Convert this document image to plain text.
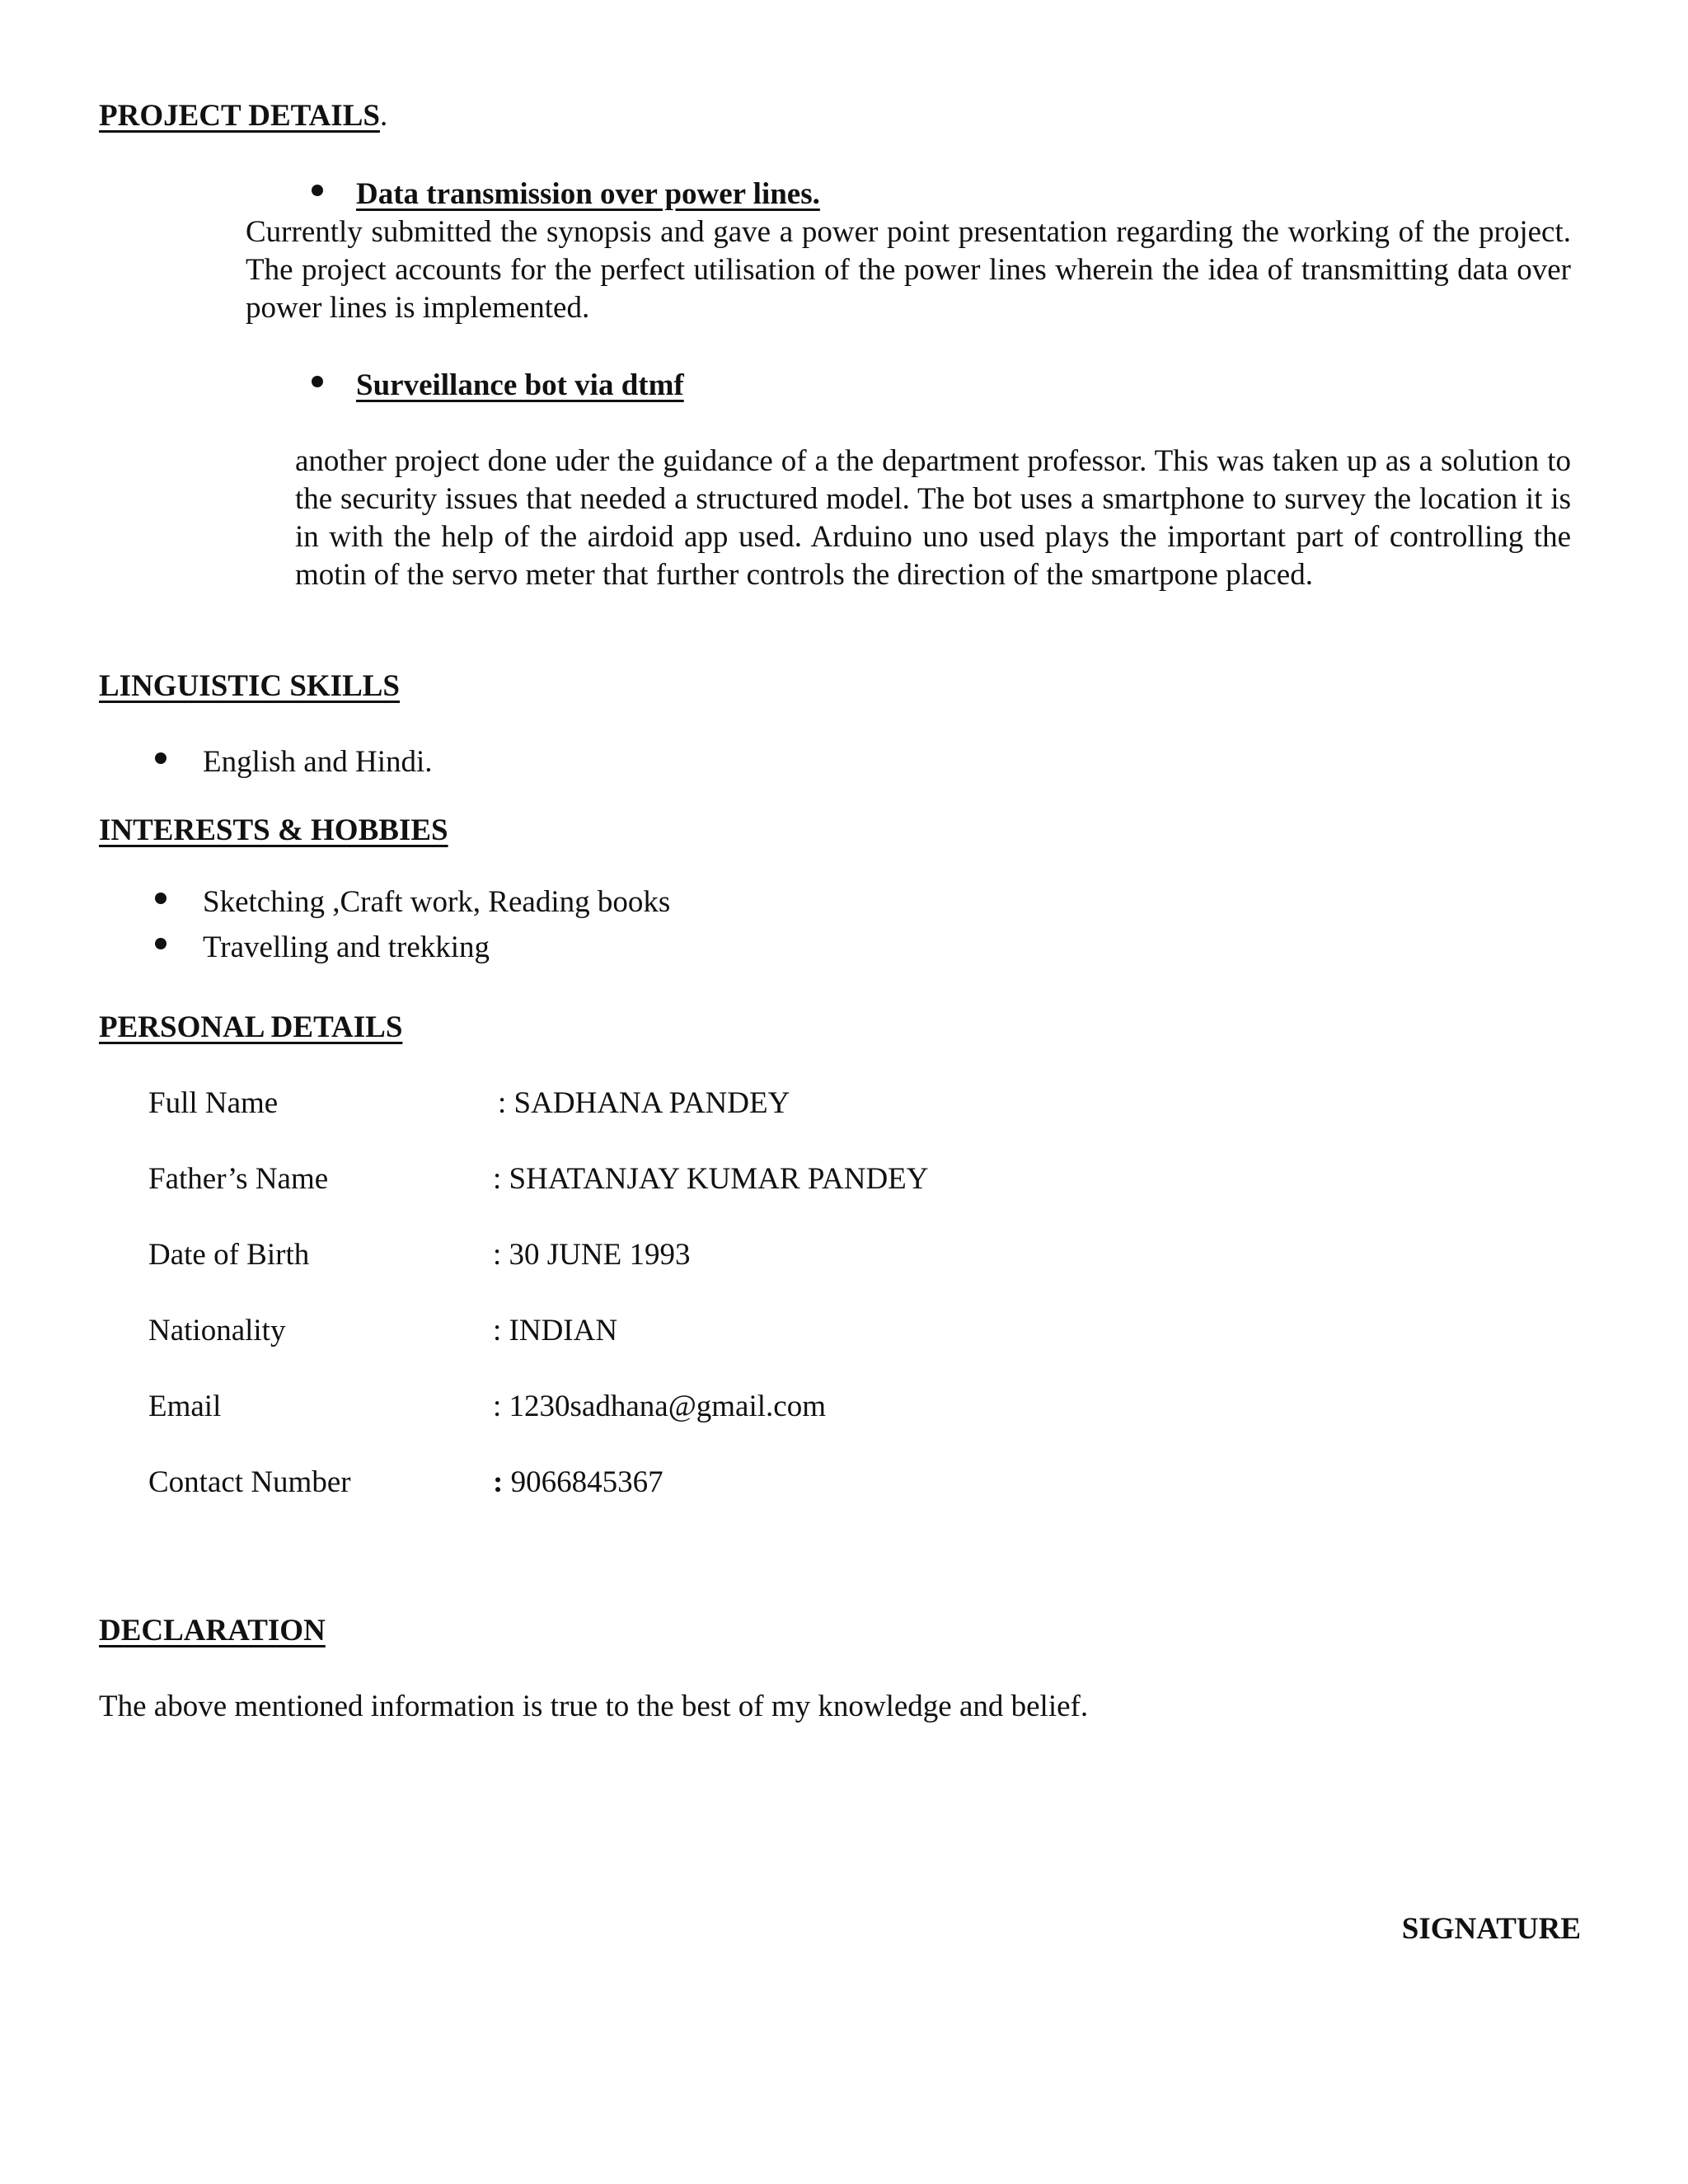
PROJECT DETAILS.
Data transmission over power lines.
Currently submitted the synopsis and gave a power point presentation regarding the working of the project. The project accounts for the perfect utilisation of the power lines wherein the idea of transmitting data over power lines is implemented.
Surveillance bot via dtmf
another project done uder the guidance of a the department professor. This was taken up as a solution to the security issues that needed a structured model. The bot uses a smartphone to survey the location it is in with the help of the airdoid app used. Arduino uno used plays the important part of controlling the motin of the servo meter that further controls the direction of the smartpone placed.
LINGUISTIC SKILLS
English and Hindi.
INTERESTS & HOBBIES
Sketching ,Craft work, Reading books
Travelling and trekking
PERSONAL DETAILS
Full Name	: SADHANA PANDEY
Father’s Name	: SHATANJAY KUMAR PANDEY
Date of Birth	: 30 JUNE 1993
Nationality	: INDIAN
Email	: 1230sadhana@gmail.com
Contact Number	: 9066845367
DECLARATION
The above mentioned information is true to the best of my knowledge and belief.
SIGNATURE
